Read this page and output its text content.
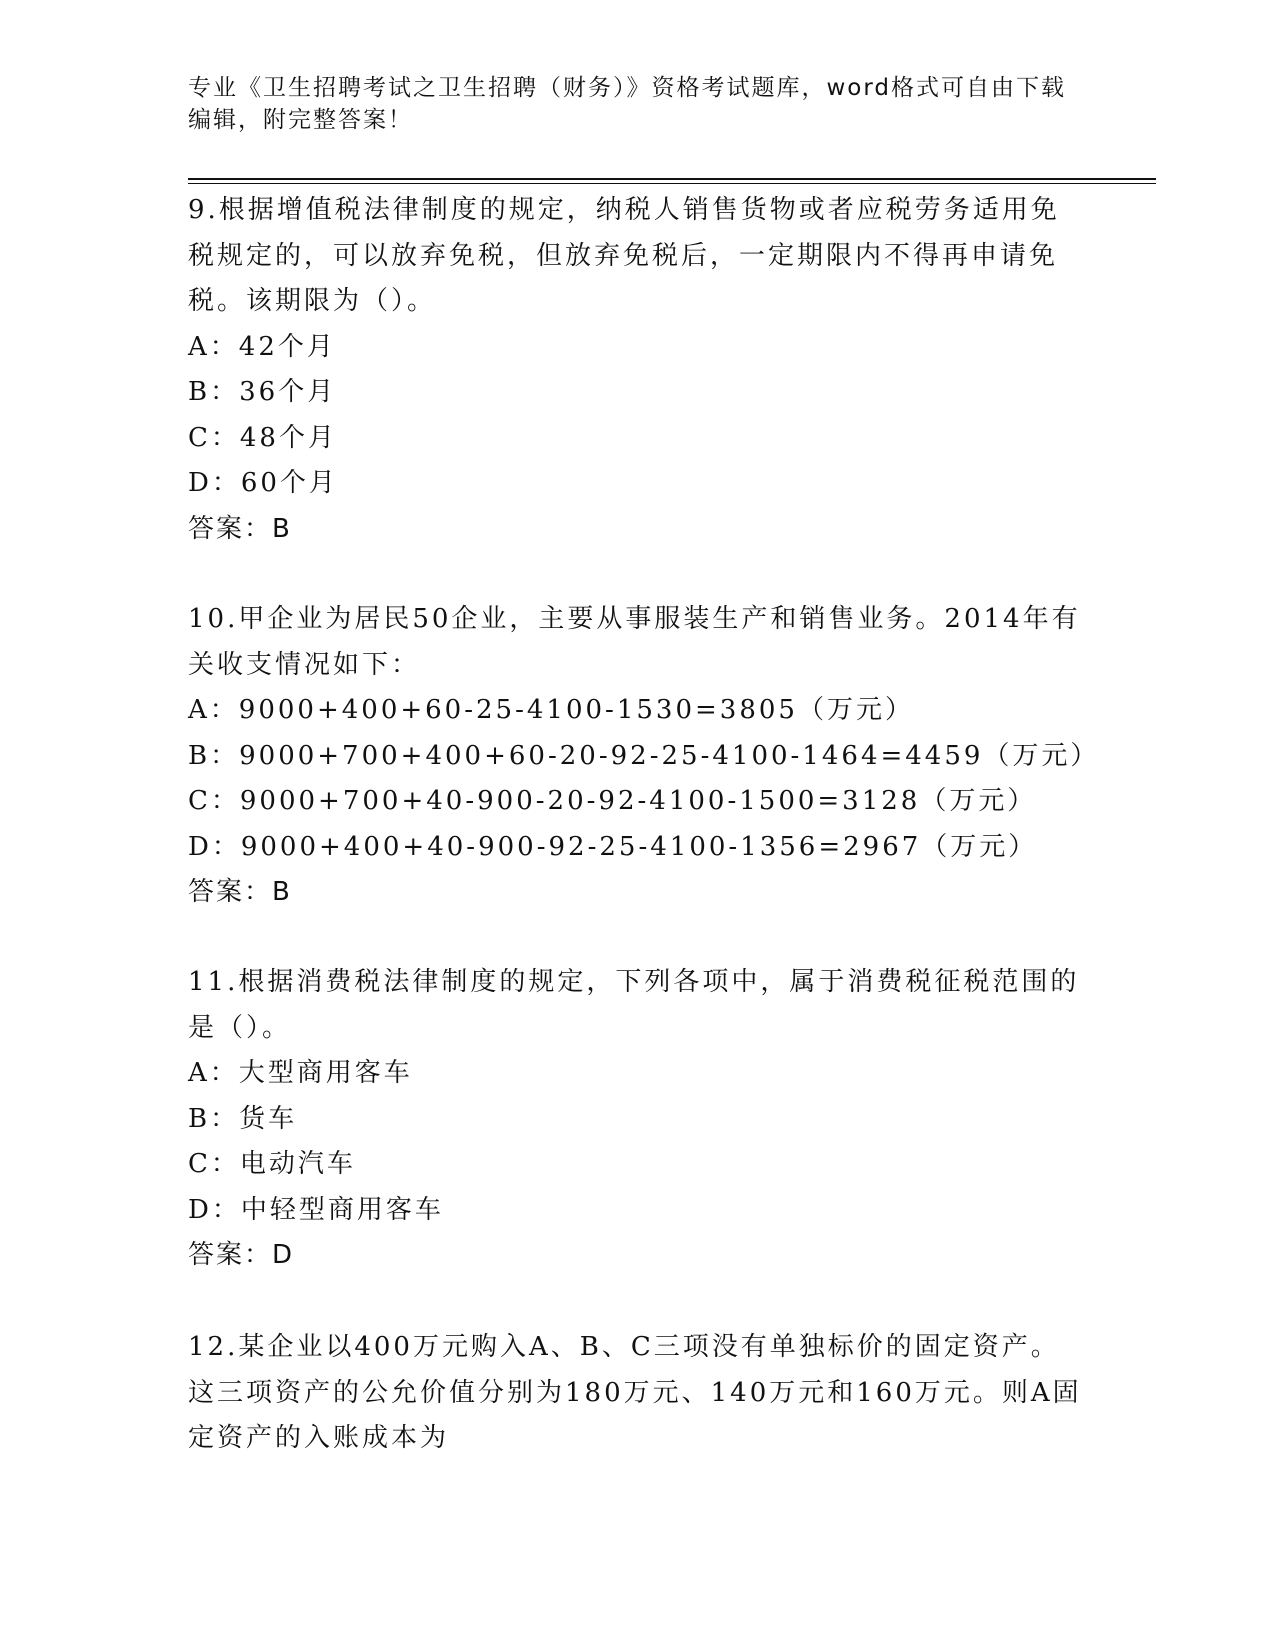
专业《卫生招聘考试之卫生招聘（财务）》资格考试题库，word格式可自由下载编辑，附完整答案！
9.根据增值税法律制度的规定，纳税人销售货物或者应税劳务适用免税规定的，可以放弃免税，但放弃免税后，一定期限内不得再申请免税。该期限为（）。
A：42个月
B：36个月
C：48个月
D：60个月
答案：B
10.甲企业为居民50企业，主要从事服装生产和销售业务。2014年有关收支情况如下：
A：9000+400+60-25-4100-1530=3805（万元）
B：9000+700+400+60-20-92-25-4100-1464=4459（万元）
C：9000+700+40-900-20-92-4100-1500=3128（万元）
D：9000+400+40-900-92-25-4100-1356=2967（万元）
答案：B
11.根据消费税法律制度的规定，下列各项中，属于消费税征税范围的是（）。
A：大型商用客车
B：货车
C：电动汽车
D：中轻型商用客车
答案：D
12.某企业以400万元购入A、B、C三项没有单独标价的固定资产。这三项资产的公允价值分别为180万元、140万元和160万元。则A固定资产的入账成本为
